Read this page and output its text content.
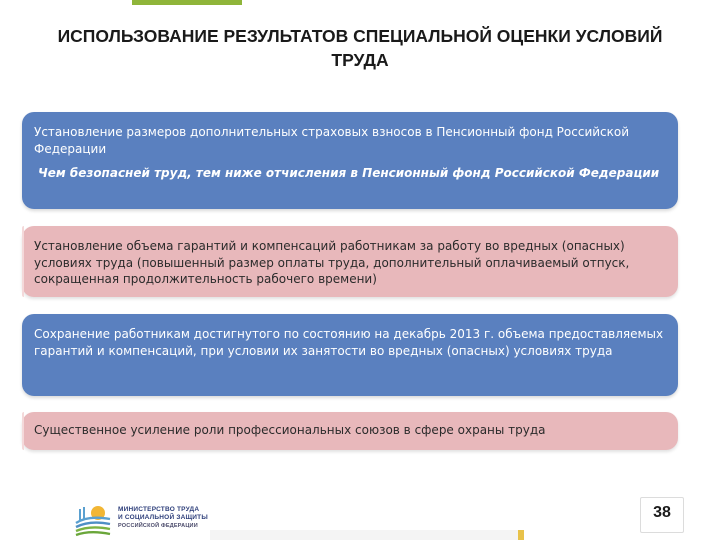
ИСПОЛЬЗОВАНИЕ РЕЗУЛЬТАТОВ СПЕЦИАЛЬНОЙ ОЦЕНКИ УСЛОВИЙ ТРУДА
Установление размеров дополнительных страховых взносов в Пенсионный фонд Российской Федерации
Чем безопасней труд, тем ниже отчисления в Пенсионный фонд Российской Федерации
Установление объема гарантий и компенсаций работникам за работу во вредных (опасных) условиях труда (повышенный размер оплаты труда, дополнительный оплачиваемый отпуск, сокращенная продолжительность рабочего времени)
Сохранение работникам достигнутого по состоянию на декабрь 2013 г. объема предоставляемых гарантий и компенсаций, при условии их занятости во вредных (опасных) условиях труда
Существенное усиление роли профессиональных союзов в сфере охраны труда
МИНИСТЕРСТВО ТРУДА
И СОЦИАЛЬНОЙ ЗАЩИТЫ
РОССИЙСКОЙ ФЕДЕРАЦИИ
38
